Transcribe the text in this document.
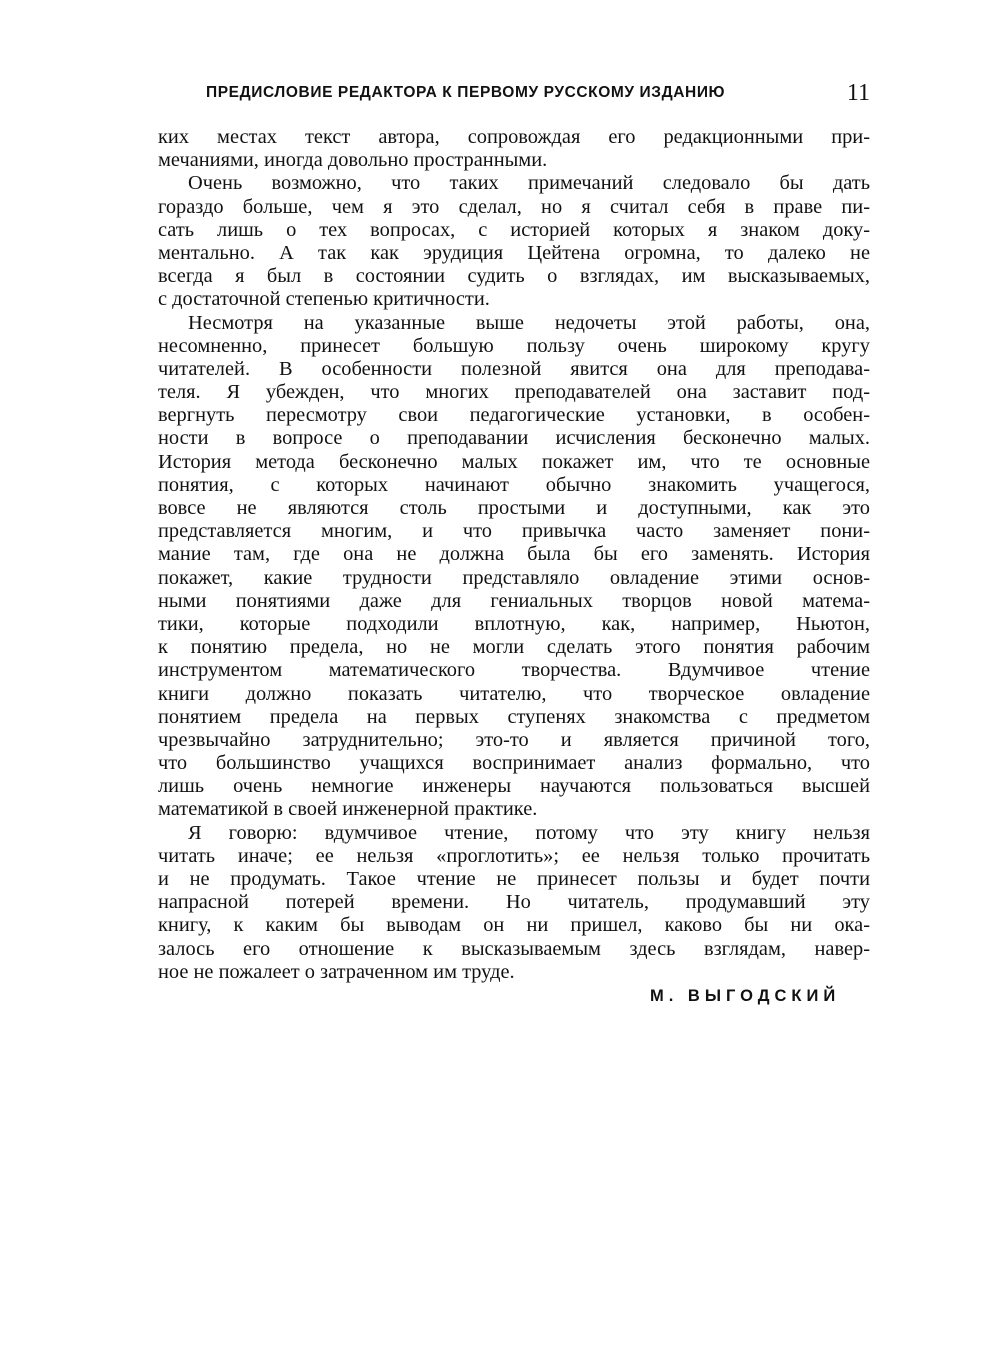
ПРЕДИСЛОВИЕ РЕДАКТОРА К ПЕРВОМУ РУССКОМУ ИЗДАНИЮ	11
ких местах текст автора, сопровождая его редакционными при-
мечаниями, иногда довольно пространными.
Очень возможно, что таких примечаний следовало бы дать
гораздо больше, чем я это сделал, но я считал себя в праве пи-
сать лишь о тех вопросах, с историей которых я знаком доку-
ментально. А так как эрудиция Цейтена огромна, то далеко не
всегда я был в состоянии судить о взглядах, им высказываемых,
с достаточной степенью критичности.
Несмотря на указанные выше недочеты этой работы, она,
несомненно, принесет большую пользу очень широкому кругу
читателей. В особенности полезной явится она для преподава-
теля. Я убежден, что многих преподавателей она заставит под-
вергнуть пересмотру свои педагогические установки, в особен-
ности в вопросе о преподавании исчисления бесконечно малых.
История метода бесконечно малых покажет им, что те основные
понятия, с которых начинают обычно знакомить учащегося,
вовсе не являются столь простыми и доступными, как это
представляется многим, и что привычка часто заменяет пони-
мание там, где она не должна была бы его заменять. История
покажет, какие трудности представляло овладение этими основ-
ными понятиями даже для гениальных творцов новой матема-
тики, которые подходили вплотную, как, например, Ньютон,
к понятию предела, но не могли сделать этого понятия рабочим
инструментом математического творчества. Вдумчивое чтение
книги должно показать читателю, что творческое овладение
понятием предела на первых ступенях знакомства с предметом
чрезвычайно затруднительно; это-то и является причиной того,
что большинство учащихся воспринимает анализ формально, что
лишь очень немногие инженеры научаются пользоваться высшей
математикой в своей инженерной практике.
Я говорю: вдумчивое чтение, потому что эту книгу нельзя
читать иначе; ее нельзя «проглотить»; ее нельзя только прочитать
и не продумать. Такое чтение не принесет пользы и будет почти
напрасной потерей времени. Но читатель, продумавший эту
книгу, к каким бы выводам он ни пришел, каково бы ни ока-
залось его отношение к высказываемым здесь взглядам, навер-
ное не пожалеет о затраченном им труде.
М. ВЫГОДСКИЙ
